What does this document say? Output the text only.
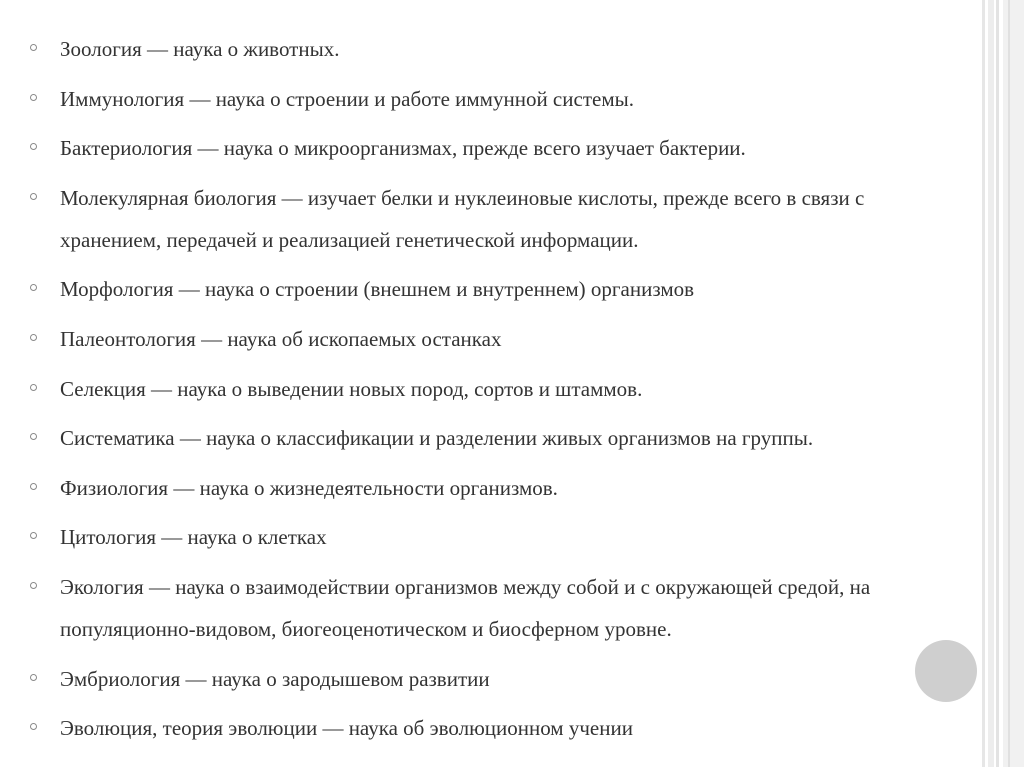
Зоология — наука о животных.
Иммунология — наука о строении и работе иммунной системы.
Бактериология — наука о микроорганизмах, прежде всего изучает бактерии.
Молекулярная биология — изучает белки и нуклеиновые кислоты, прежде всего в связи с хранением, передачей и реализацией генетической информации.
Морфология — наука о строении (внешнем и внутреннем) организмов
Палеонтология — наука об ископаемых останках
Селекция — наука о выведении новых пород, сортов и штаммов.
Систематика — наука о классификации и разделении живых организмов на группы.
Физиология — наука о жизнедеятельности организмов.
Цитология — наука о клетках
Экология — наука о взаимодействии организмов между собой и с окружающей средой, на популяционно-видовом, биогеоценотическом и биосферном уровне.
Эмбриология — наука о зародышевом развитии
Эволюция, теория эволюции — наука об эволюционном учении
